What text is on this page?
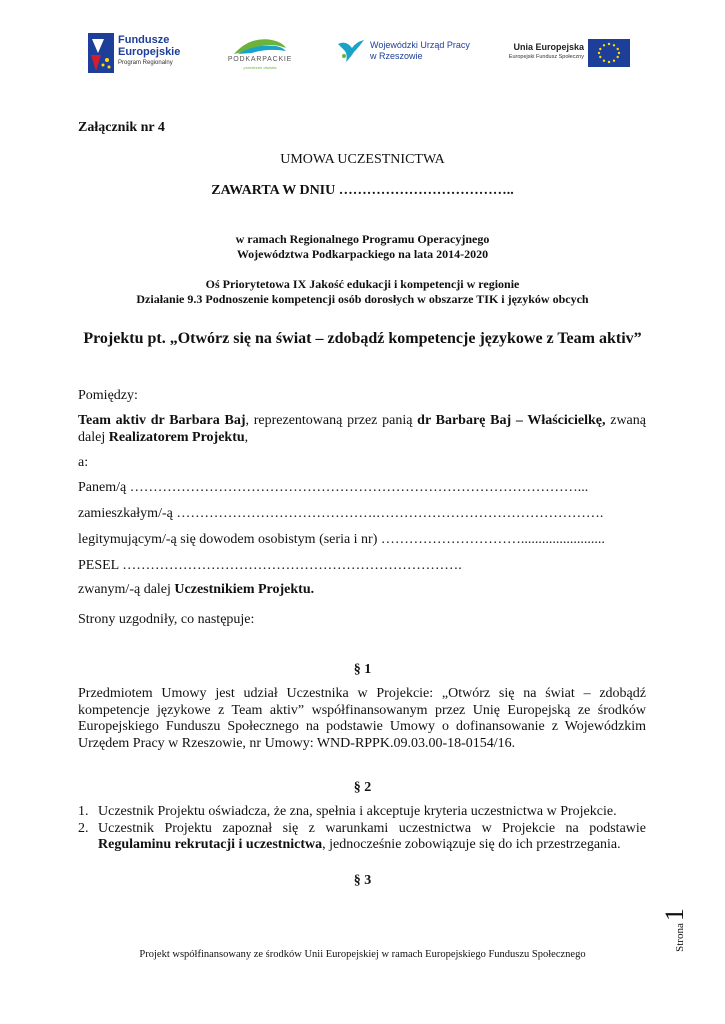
Fundusze
Europejskie
Program Regionalny	PODKARPACKIE
przestrzeń otwarta
Wojewódzki Urząd Pracy
w Rzeszowie
Unia Europejska
Europejski Fundusz Społeczny
Załącznik nr 4
UMOWA UCZESTNICTWA
ZAWARTA W DNIU ………………………………..
w ramach Regionalnego Programu Operacyjnego
Województwa Podkarpackiego na lata 2014-2020
Oś Priorytetowa IX Jakość edukacji i kompetencji w regionie
Działanie 9.3 Podnoszenie kompetencji osób dorosłych w obszarze TIK i języków obcych
Projektu pt. „Otwórz się na świat – zdobądź kompetencje językowe z Team aktiv”
Pomiędzy:
Team aktiv dr Barbara Baj, reprezentowaną przez panią dr Barbarę Baj – Właścicielkę, zwaną dalej Realizatorem Projektu,
a:
Panem/ą ……………………………………………………………………………………...
zamieszkałym/-ą …………………………………….………………………………………….
legitymującym/-ą się dowodem osobistym (seria i nr) …………………………........................
PESEL ……………………………………………………………….
zwanym/-ą dalej Uczestnikiem Projektu.
Strony uzgodniły, co następuje:
§ 1
Przedmiotem Umowy jest udział Uczestnika w Projekcie: „Otwórz się na świat – zdobądź kompetencje językowe z Team aktiv” współfinansowanym przez Unię Europejską ze środków Europejskiego Funduszu Społecznego na podstawie Umowy o dofinansowanie z Wojewódzkim Urzędem Pracy w Rzeszowie, nr Umowy: WND-RPPK.09.03.00-18-0154/16.
§ 2
1. Uczestnik Projektu oświadcza, że zna, spełnia i akceptuje kryteria uczestnictwa w Projekcie.
2. Uczestnik Projektu zapoznał się z warunkami uczestnictwa w Projekcie na podstawie Regulaminu rekrutacji i uczestnictwa, jednocześnie zobowiązuje się do ich przestrzegania.
§ 3
Strona
1
Projekt współfinansowany ze środków Unii Europejskiej w ramach Europejskiego Funduszu Społecznego
